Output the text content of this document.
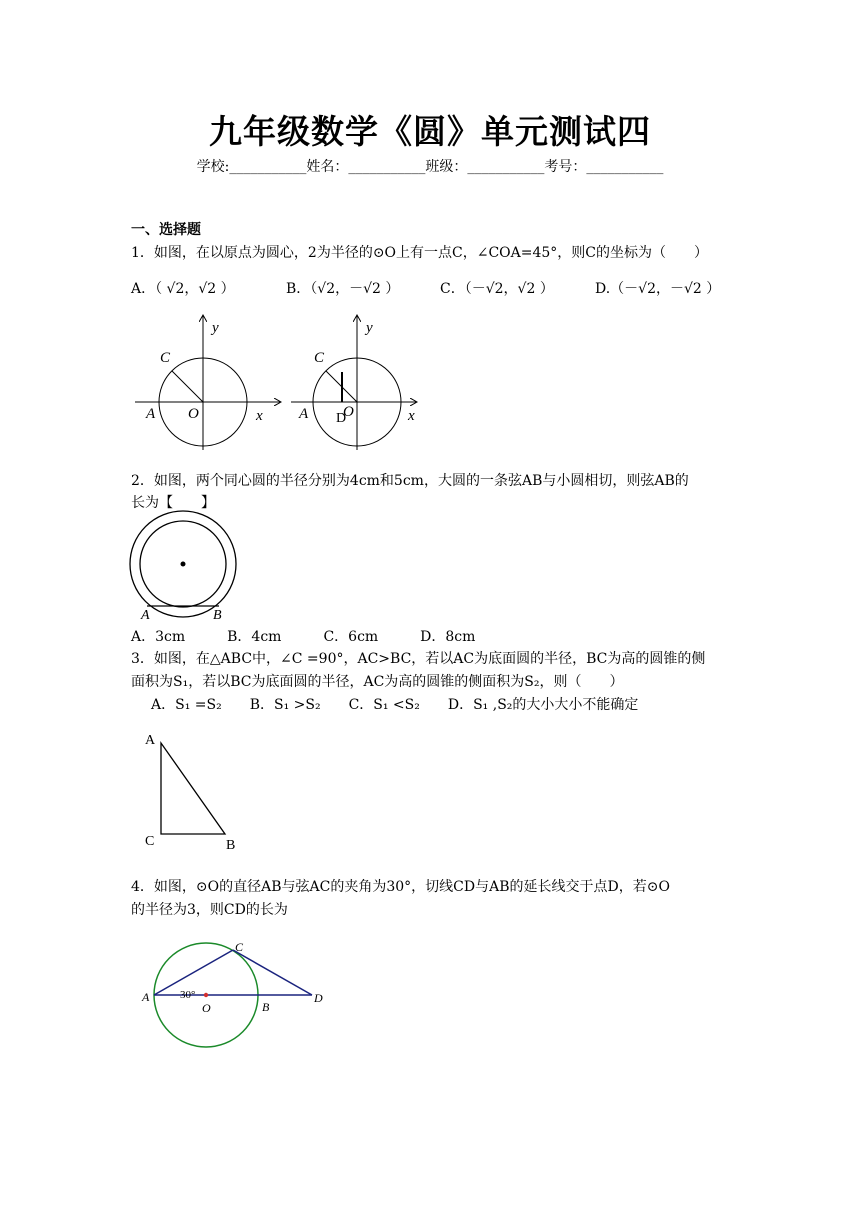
九年级数学《圆》单元测试四
学校:___________姓名：___________班级：___________考号：___________
一、选择题
1．如图，在以原点为圆心，2为半径的⊙O上有一点C，∠COA=45°，则C的坐标为（　　）
A．（ √2，√2 ）	B．（√2，－√2 ）	C．（－√2，√2 ）	D.（－√2，－√2 ）
y
x
C
A O
y
x
C
A O
D
2．如图，两个同心圆的半径分别为4cm和5cm，大圆的一条弦AB与小圆相切，则弦AB的
长为【　　】
A	B
A．3cm　　　B．4cm　　　C．6cm　　　D．8cm
3．如图，在△ABC中，∠C =90°，AC>BC，若以AC为底面圆的半径，BC为高的圆锥的侧
面积为S₁，若以BC为底面圆的半径，AC为高的圆锥的侧面积为S₂，则（　　）
A．S₁ =S₂　　B．S₁ >S₂　　C．S₁ <S₂　　D．S₁ ,S₂的大小大小不能确定
A
B
C
4．如图，⊙O的直径AB与弦AC的夹角为30°，切线CD与AB的延长线交于点D，若⊙O
的半径为3，则CD的长为
C
A
O	B
D
30°
